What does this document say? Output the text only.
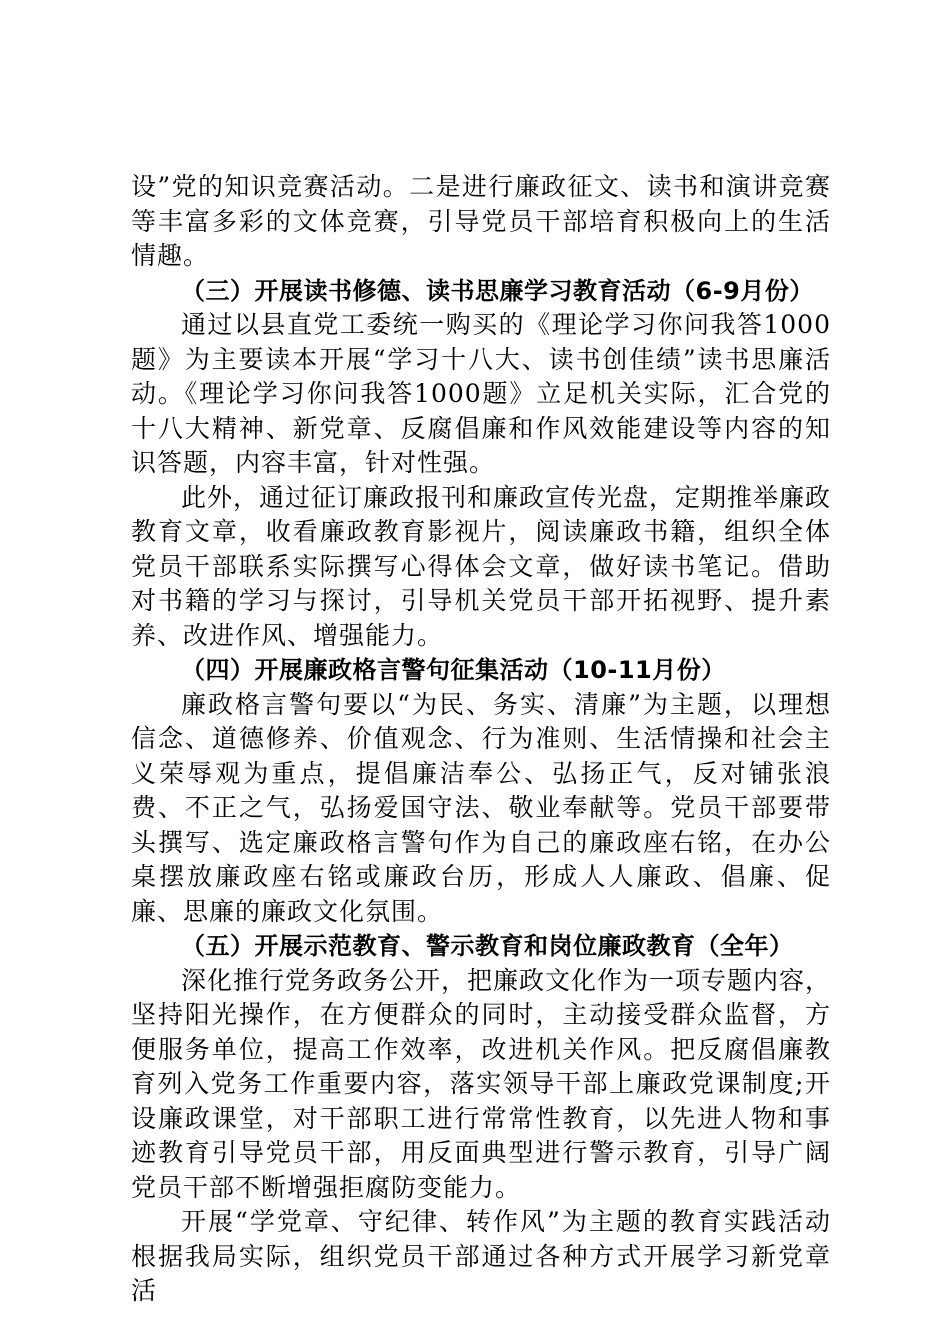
设”党的知识竞赛活动。二是进行廉政征文、读书和演讲竞赛等丰富多彩的文体竞赛，引导党员干部培育积极向上的生活情趣。

（三）开展读书修德、读书思廉学习教育活动（6-9月份）

通过以县直党工委统一购买的《理论学习你问我答1000题》为主要读本开展“学习十八大、读书创佳绩”读书思廉活动。《理论学习你问我答1000题》立足机关实际，汇合党的十八大精神、新党章、反腐倡廉和作风效能建设等内容的知识答题，内容丰富，针对性强。

此外，通过征订廉政报刊和廉政宣传光盘，定期推举廉政教育文章，收看廉政教育影视片，阅读廉政书籍，组织全体党员干部联系实际撰写心得体会文章，做好读书笔记。借助对书籍的学习与探讨，引导机关党员干部开拓视野、提升素养、改进作风、增强能力。

（四）开展廉政格言警句征集活动（10-11月份）

廉政格言警句要以“为民、务实、清廉”为主题，以理想信念、道德修养、价值观念、行为准则、生活情操和社会主义荣辱观为重点，提倡廉洁奉公、弘扬正气，反对铺张浪费、不正之气，弘扬爱国守法、敬业奉献等。党员干部要带头撰写、选定廉政格言警句作为自己的廉政座右铭，在办公桌摆放廉政座右铭或廉政台历，形成人人廉政、倡廉、促廉、思廉的廉政文化氛围。

（五）开展示范教育、警示教育和岗位廉政教育（全年）

深化推行党务政务公开，把廉政文化作为一项专题内容，坚持阳光操作，在方便群众的同时，主动接受群众监督，方便服务单位，提高工作效率，改进机关作风。把反腐倡廉教育列入党务工作重要内容，落实领导干部上廉政党课制度;开设廉政课堂，对干部职工进行常常性教育，以先进人物和事迹教育引导党员干部，用反面典型进行警示教育，引导广阔党员干部不断增强拒腐防变能力。

开展“学党章、守纪律、转作风”为主题的教育实践活动根据我局实际，组织党员干部通过各种方式开展学习新党章活
